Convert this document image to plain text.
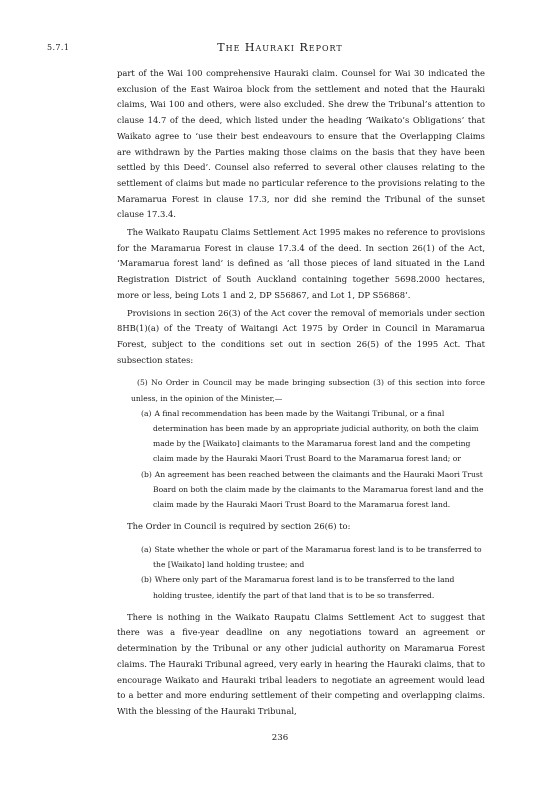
5.7.1	The Hauraki Report

part of the Wai 100 comprehensive Hauraki claim. Counsel for Wai 30 indicated the exclusion of the East Wairoa block from the settlement and noted that the Hauraki claims, Wai 100 and others, were also excluded. She drew the Tribunal’s attention to clause 14.7 of the deed, which listed under the heading ‘Waikato’s Obligations’ that Waikato agree to ‘use their best endeavours to ensure that the Overlapping Claims are withdrawn by the Parties making those claims on the basis that they have been settled by this Deed’. Counsel also referred to several other clauses relating to the settlement of claims but made no particular reference to the provisions relating to the Maramarua Forest in clause 17.3, nor did she remind the Tribunal of the sunset clause 17.3.4.

The Waikato Raupatu Claims Settlement Act 1995 makes no reference to provisions for the Maramarua Forest in clause 17.3.4 of the deed. In section 26(1) of the Act, ‘Maramarua forest land’ is defined as ‘all those pieces of land situated in the Land Registration District of South Auckland containing together 5698.2000 hectares, more or less, being Lots 1 and 2, DP S56867, and Lot 1, DP S56868’.

Provisions in section 26(3) of the Act cover the removal of memorials under section 8HB(1)(a) of the Treaty of Waitangi Act 1975 by Order in Council in Maramarua Forest, subject to the conditions set out in section 26(5) of the 1995 Act. That subsection states:

(5) No Order in Council may be made bringing subsection (3) of this section into force unless, in the opinion of the Minister,—

(a) A final recommendation has been made by the Waitangi Tribunal, or a final determination has been made by an appropriate judicial authority, on both the claim made by the [Waikato] claimants to the Maramarua forest land and the competing claim made by the Hauraki Maori Trust Board to the Maramarua forest land; or

(b) An agreement has been reached between the claimants and the Hauraki Maori Trust Board on both the claim made by the claimants to the Maramarua forest land and the claim made by the Hauraki Maori Trust Board to the Maramarua forest land.

The Order in Council is required by section 26(6) to:

(a) State whether the whole or part of the Maramarua forest land is to be transferred to the [Waikato] land holding trustee; and

(b) Where only part of the Maramarua forest land is to be transferred to the land holding trustee, identify the part of that land that is to be so transferred.

There is nothing in the Waikato Raupatu Claims Settlement Act to suggest that there was a five-year deadline on any negotiations toward an agreement or determination by the Tribunal or any other judicial authority on Maramarua Forest claims. The Hauraki Tribunal agreed, very early in hearing the Hauraki claims, that to encourage Waikato and Hauraki tribal leaders to negotiate an agreement would lead to a better and more enduring settlement of their competing and overlapping claims. With the blessing of the Hauraki Tribunal,

236
